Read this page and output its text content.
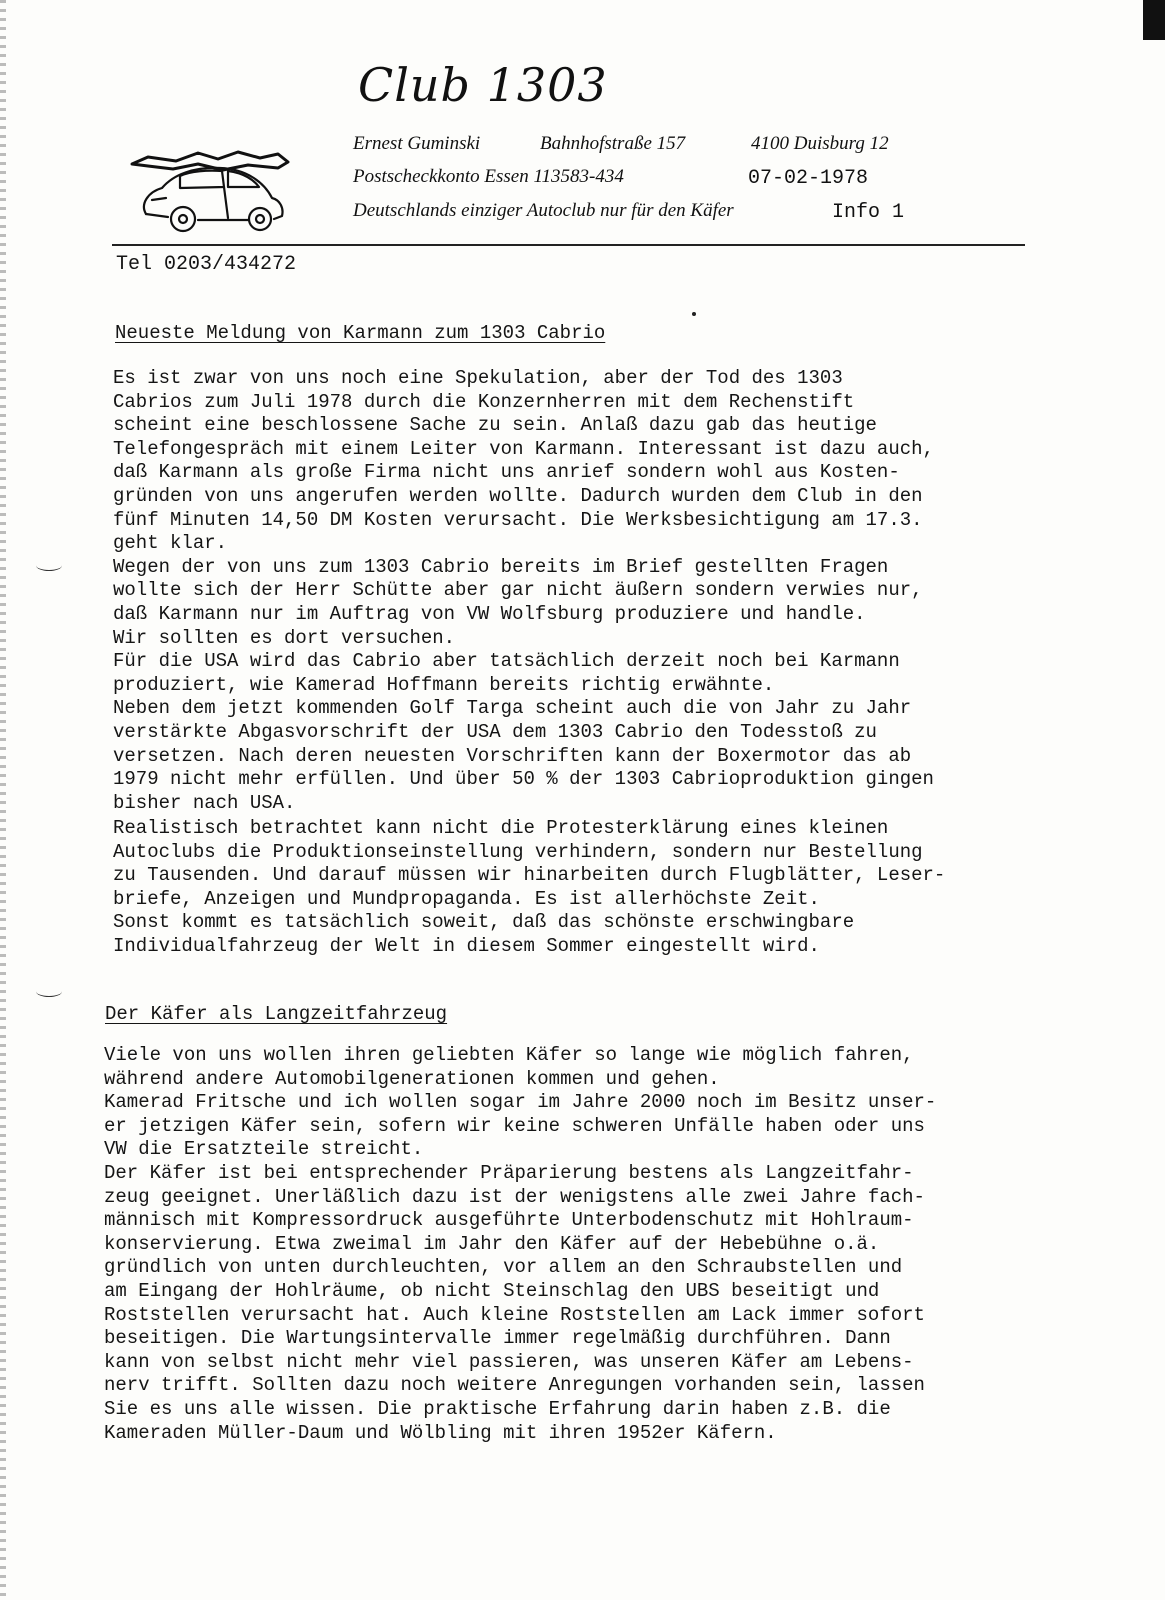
Club 1303
Ernest Guminski	Bahnhofstraße 157	4100 Duisburg 12
Postscheckkonto Essen 113583-434	07-02-1978
Deutschlands einziger Autoclub nur für den Käfer	Info 1
Tel 0203/434272
Neueste Meldung von Karmann zum 1303 Cabrio

Es ist zwar von uns noch eine Spekulation, aber der Tod des 1303
Cabrios zum Juli 1978 durch die Konzernherren mit dem Rechenstift
scheint eine beschlossene Sache zu sein. Anlaß dazu gab das heutige
Telefongespräch mit einem Leiter von Karmann. Interessant ist dazu auch,
daß Karmann als große Firma nicht uns anrief sondern wohl aus Kosten-
gründen von uns angerufen werden wollte. Dadurch wurden dem Club in den
fünf Minuten 14,50 DM Kosten verursacht. Die Werksbesichtigung am 17.3.
geht klar.
Wegen der von uns zum 1303 Cabrio bereits im Brief gestellten Fragen
wollte sich der Herr Schütte aber gar nicht äußern sondern verwies nur,
daß Karmann nur im Auftrag von VW Wolfsburg produziere und handle.
Wir sollten es dort versuchen.
Für die USA wird das Cabrio aber tatsächlich derzeit noch bei Karmann
produziert, wie Kamerad Hoffmann bereits richtig erwähnte.
Neben dem jetzt kommenden Golf Targa scheint auch die von Jahr zu Jahr
verstärkte Abgasvorschrift der USA dem 1303 Cabrio den Todesstoß zu
versetzen. Nach deren neuesten Vorschriften kann der Boxermotor das ab
1979 nicht mehr erfüllen. Und über 50 % der 1303 Cabrioproduktion gingen
bisher nach USA.

Realistisch betrachtet kann nicht die Protesterklärung eines kleinen
Autoclubs die Produktionseinstellung verhindern, sondern nur Bestellung
zu Tausenden. Und darauf müssen wir hinarbeiten durch Flugblätter, Leser-
briefe, Anzeigen und Mundpropaganda. Es ist allerhöchste Zeit.
Sonst kommt es tatsächlich soweit, daß das schönste erschwingbare
Individualfahrzeug der Welt in diesem Sommer eingestellt wird.

Der Käfer als Langzeitfahrzeug

Viele von uns wollen ihren geliebten Käfer so lange wie möglich fahren,
während andere Automobilgenerationen kommen und gehen.
Kamerad Fritsche und ich wollen sogar im Jahre 2000 noch im Besitz unser-
er jetzigen Käfer sein, sofern wir keine schweren Unfälle haben oder uns
VW die Ersatzteile streicht.
Der Käfer ist bei entsprechender Präparierung bestens als Langzeitfahr-
zeug geeignet. Unerläßlich dazu ist der wenigstens alle zwei Jahre fach-
männisch mit Kompressordruck ausgeführte Unterbodenschutz mit Hohlraum-
konservierung. Etwa zweimal im Jahr den Käfer auf der Hebebühne o.ä.
gründlich von unten durchleuchten, vor allem an den Schraubstellen und
am Eingang der Hohlräume, ob nicht Steinschlag den UBS beseitigt und
Roststellen verursacht hat. Auch kleine Roststellen am Lack immer sofort
beseitigen. Die Wartungsintervalle immer regelmäßig durchführen. Dann
kann von selbst nicht mehr viel passieren, was unseren Käfer am Lebens-
nerv trifft. Sollten dazu noch weitere Anregungen vorhanden sein, lassen
Sie es uns alle wissen. Die praktische Erfahrung darin haben z.B. die
Kameraden Müller-Daum und Wölbling mit ihren 1952er Käfern.
